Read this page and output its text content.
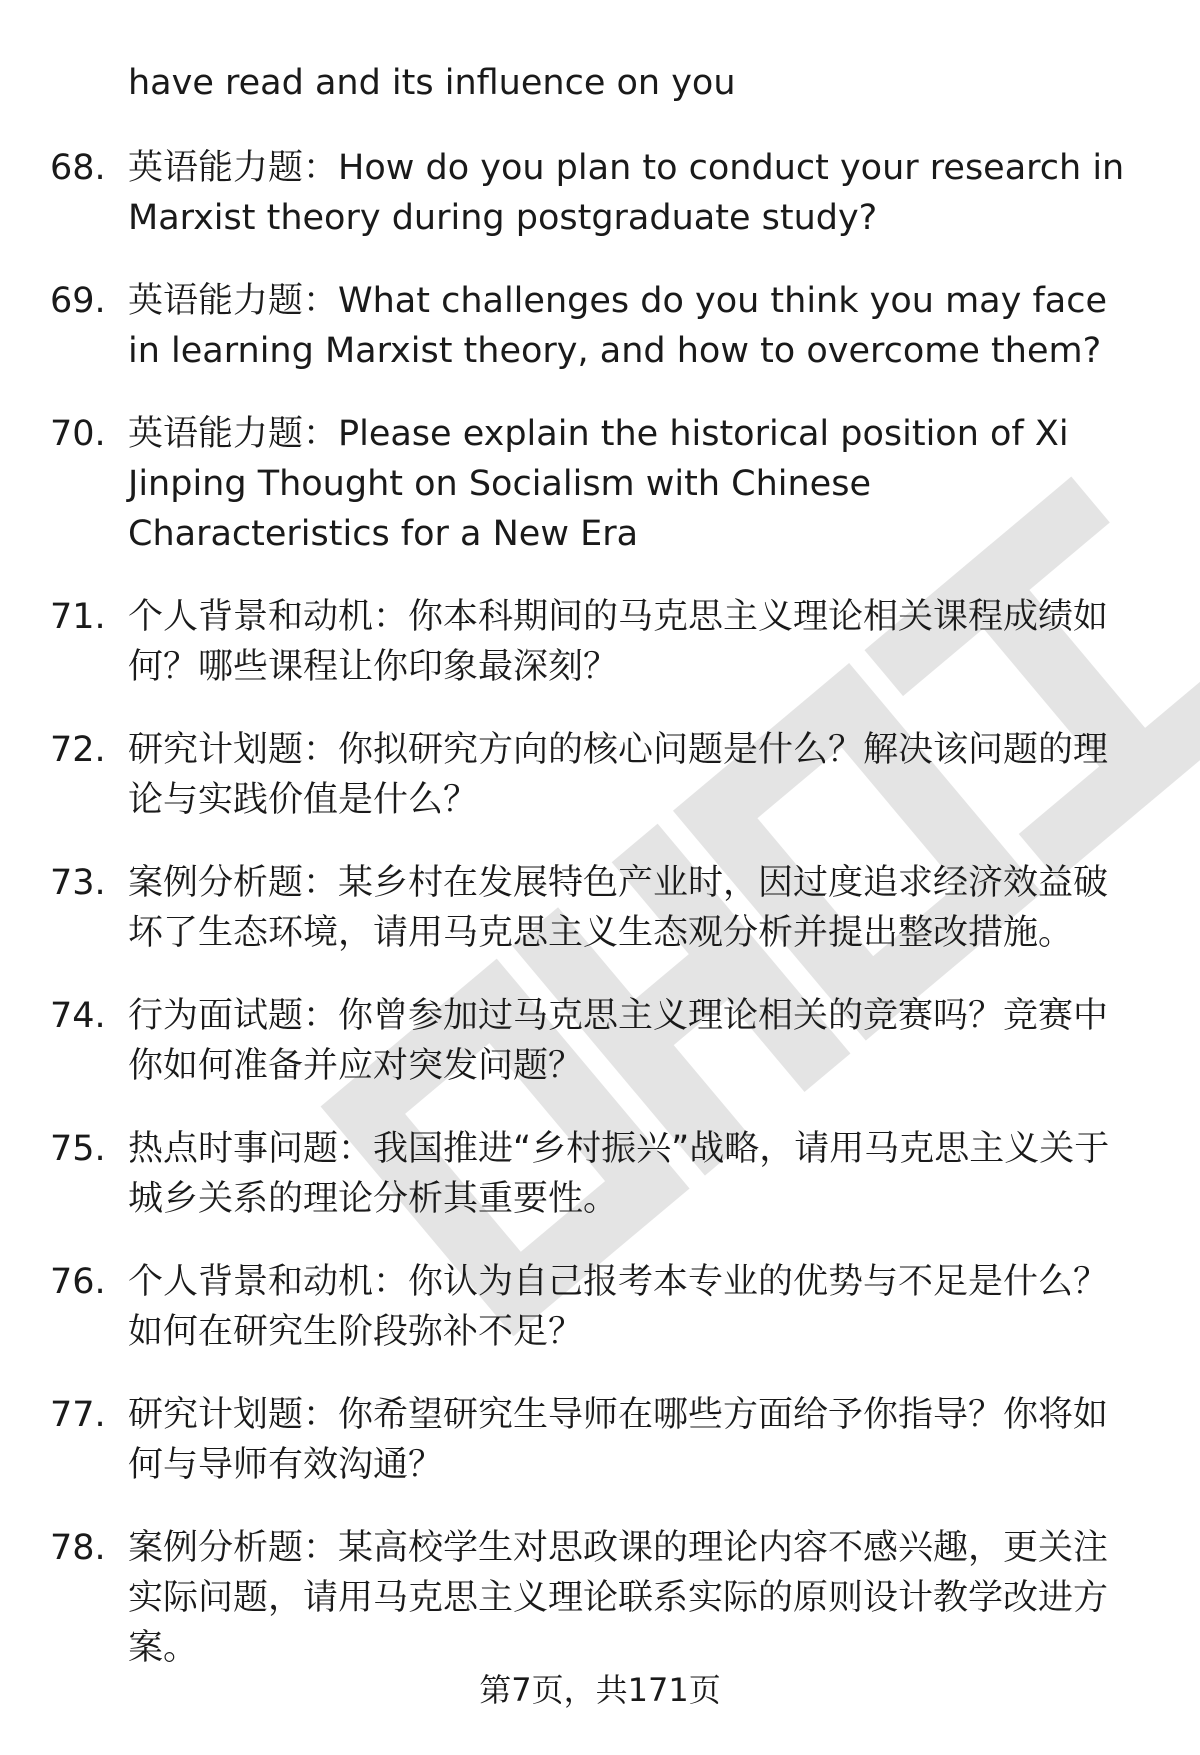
have read and its influence on you
68. 英语能力题：How do you plan to conduct your research in Marxist theory during postgraduate study?
69. 英语能力题：What challenges do you think you may face in learning Marxist theory, and how to overcome them?
70. 英语能力题：Please explain the historical position of Xi Jinping Thought on Socialism with Chinese Characteristics for a New Era
71. 个人背景和动机：你本科期间的马克思主义理论相关课程成绩如何？哪些课程让你印象最深刻？
72. 研究计划题：你拟研究方向的核心问题是什么？解决该问题的理论与实践价值是什么？
73. 案例分析题：某乡村在发展特色产业时，因过度追求经济效益破坏了生态环境，请用马克思主义生态观分析并提出整改措施。
74. 行为面试题：你曾参加过马克思主义理论相关的竞赛吗？竞赛中你如何准备并应对突发问题？
75. 热点时事问题：我国推进“乡村振兴”战略，请用马克思主义关于城乡关系的理论分析其重要性。
76. 个人背景和动机：你认为自己报考本专业的优势与不足是什么？如何在研究生阶段弥补不足？
77. 研究计划题：你希望研究生导师在哪些方面给予你指导？你将如何与导师有效沟通？
78. 案例分析题：某高校学生对思政课的理论内容不感兴趣，更关注实际问题，请用马克思主义理论联系实际的原则设计教学改进方案。
第7页，共171页
